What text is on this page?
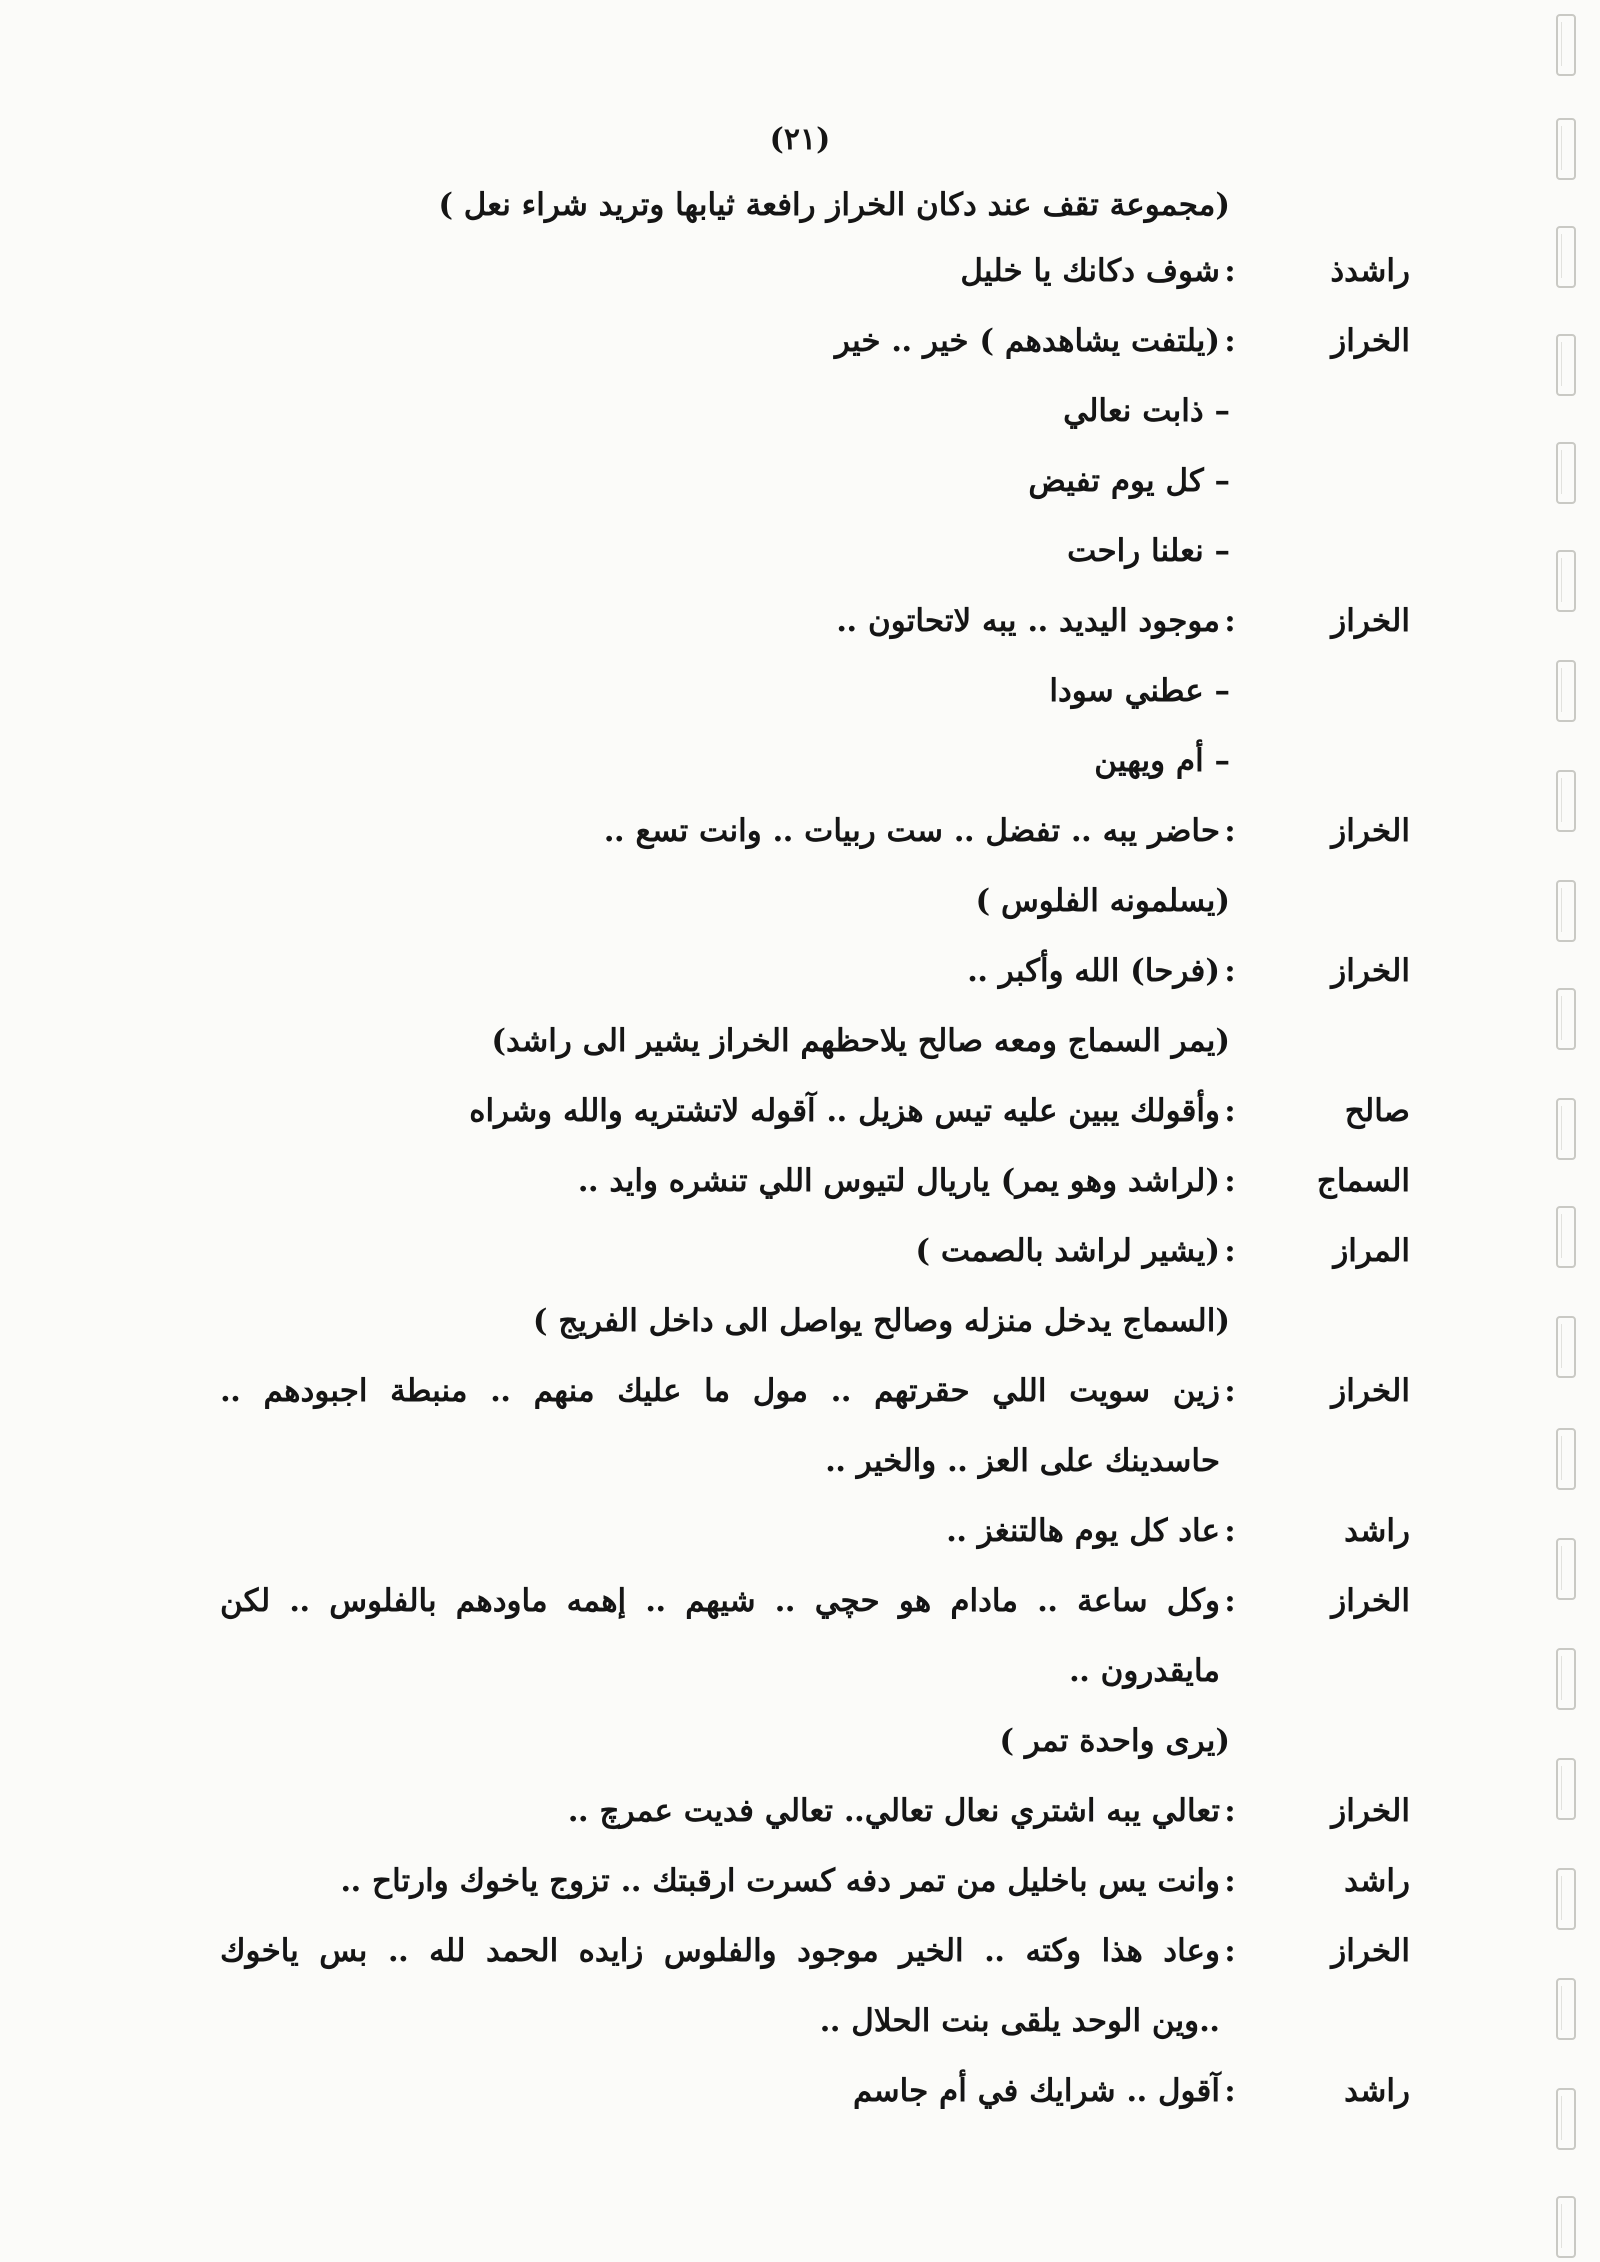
(٢١)
(مجموعة تقف عند دكان الخراز رافعة ثيابها وتريد شراء نعل )
راشدذ
:
شوف دكانك يا خليل
الخراز
:
(يلتفت يشاهدهم ) خير ‥ خير
– ذابت نعالي
– كل يوم تفيض
– نعلنا راحت
الخراز
:
موجود اليديد ‥ يبه لاتحاتون ‥
– عطني سودا
– أم ويهين
الخراز
:
حاضر يبه ‥ تفضل ‥ ست ربيات ‥ وانت تسع ‥
(يسلمونه الفلوس )
الخراز
:
(فرحا) الله وأكبر ‥
(يمر السماج ومعه صالح يلاحظهم الخراز يشير الى راشد)
صالح
:
وأقولك يبين عليه تيس هزيل ‥ آقوله لاتشتريه والله وشراه
السماج
:
(لراشد وهو يمر) ياريال لتيوس اللي تنشره وايد ‥
المراز
:
(يشير لراشد بالصمت )
(السماج يدخل منزله وصالح يواصل الى داخل الفريج )
الخراز
:
زين سويت اللي حقرتهم ‥ مول ما عليك منهم ‥ منبطة اجبودهم ‥
حاسدينك على العز ‥ والخير ‥
راشد
:
عاد كل يوم هالتنغز ‥
الخراز
:
وكل ساعة ‥ مادام هو حچي ‥ شيهم ‥ إهمه ماودهم بالفلوس ‥ لكن
مايقدرون ‥
(يرى واحدة تمر )
الخراز
:
تعالي يبه اشتري نعال تعالي‥ تعالي فديت عمرچ ‥
راشد
:
وانت يس باخليل من تمر دفه كسرت ارقبتك ‥ تزوج ياخوك وارتاح ‥
الخراز
:
وعاد هذا وكته ‥ الخير موجود والفلوس زايده الحمد لله ‥ بس ياخوك
‥وين الوحد يلقى بنت الحلال ‥
راشد
:
آقول ‥ شرايك في أم جاسم
